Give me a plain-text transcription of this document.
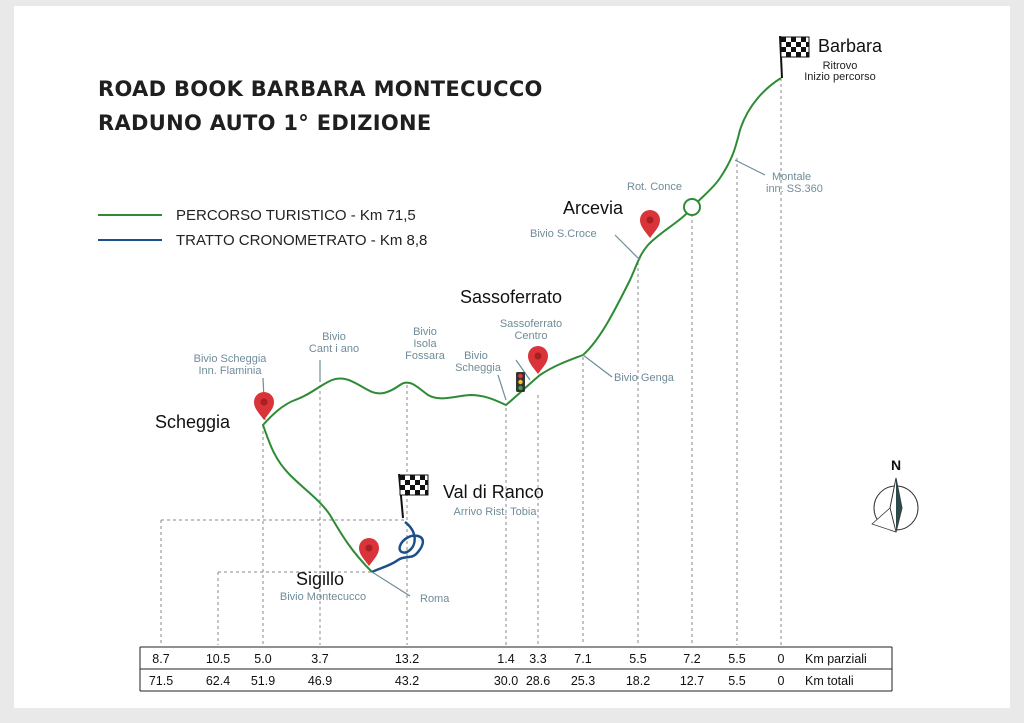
ROAD BOOK BARBARA MONTECUCCO
RADUNO AUTO 1° EDIZIONE
PERCORSO TURISTICO - Km 71,5
TRATTO CRONOMETRATO - Km 8,8
Barbara
Ritrovo
Inizio percorso
Arcevia
Sassoferrato
Scheggia
Sigillo
Val di Ranco
Arrivo Rist. Tobia
Rot. Conce
Montale
inn. SS.360
Bivio S.Croce
Sassoferrato
Centro
Bivio Genga
Bivio
Scheggia
Bivio
Isola
Fossara
Bivio
Cant i ano
Bivio Scheggia
Inn. Flaminia
Bivio Montecucco	Roma
N
8.7	10.5 5.0	3.7	13.2	1.4 3.3 7.1	5.5	7.2 5.5	0
71.5	62.4 51.9	46.9	43.2	30.0 28.6 25.3 18.2 12.7 5.5	0
Km parziali
Km totali
